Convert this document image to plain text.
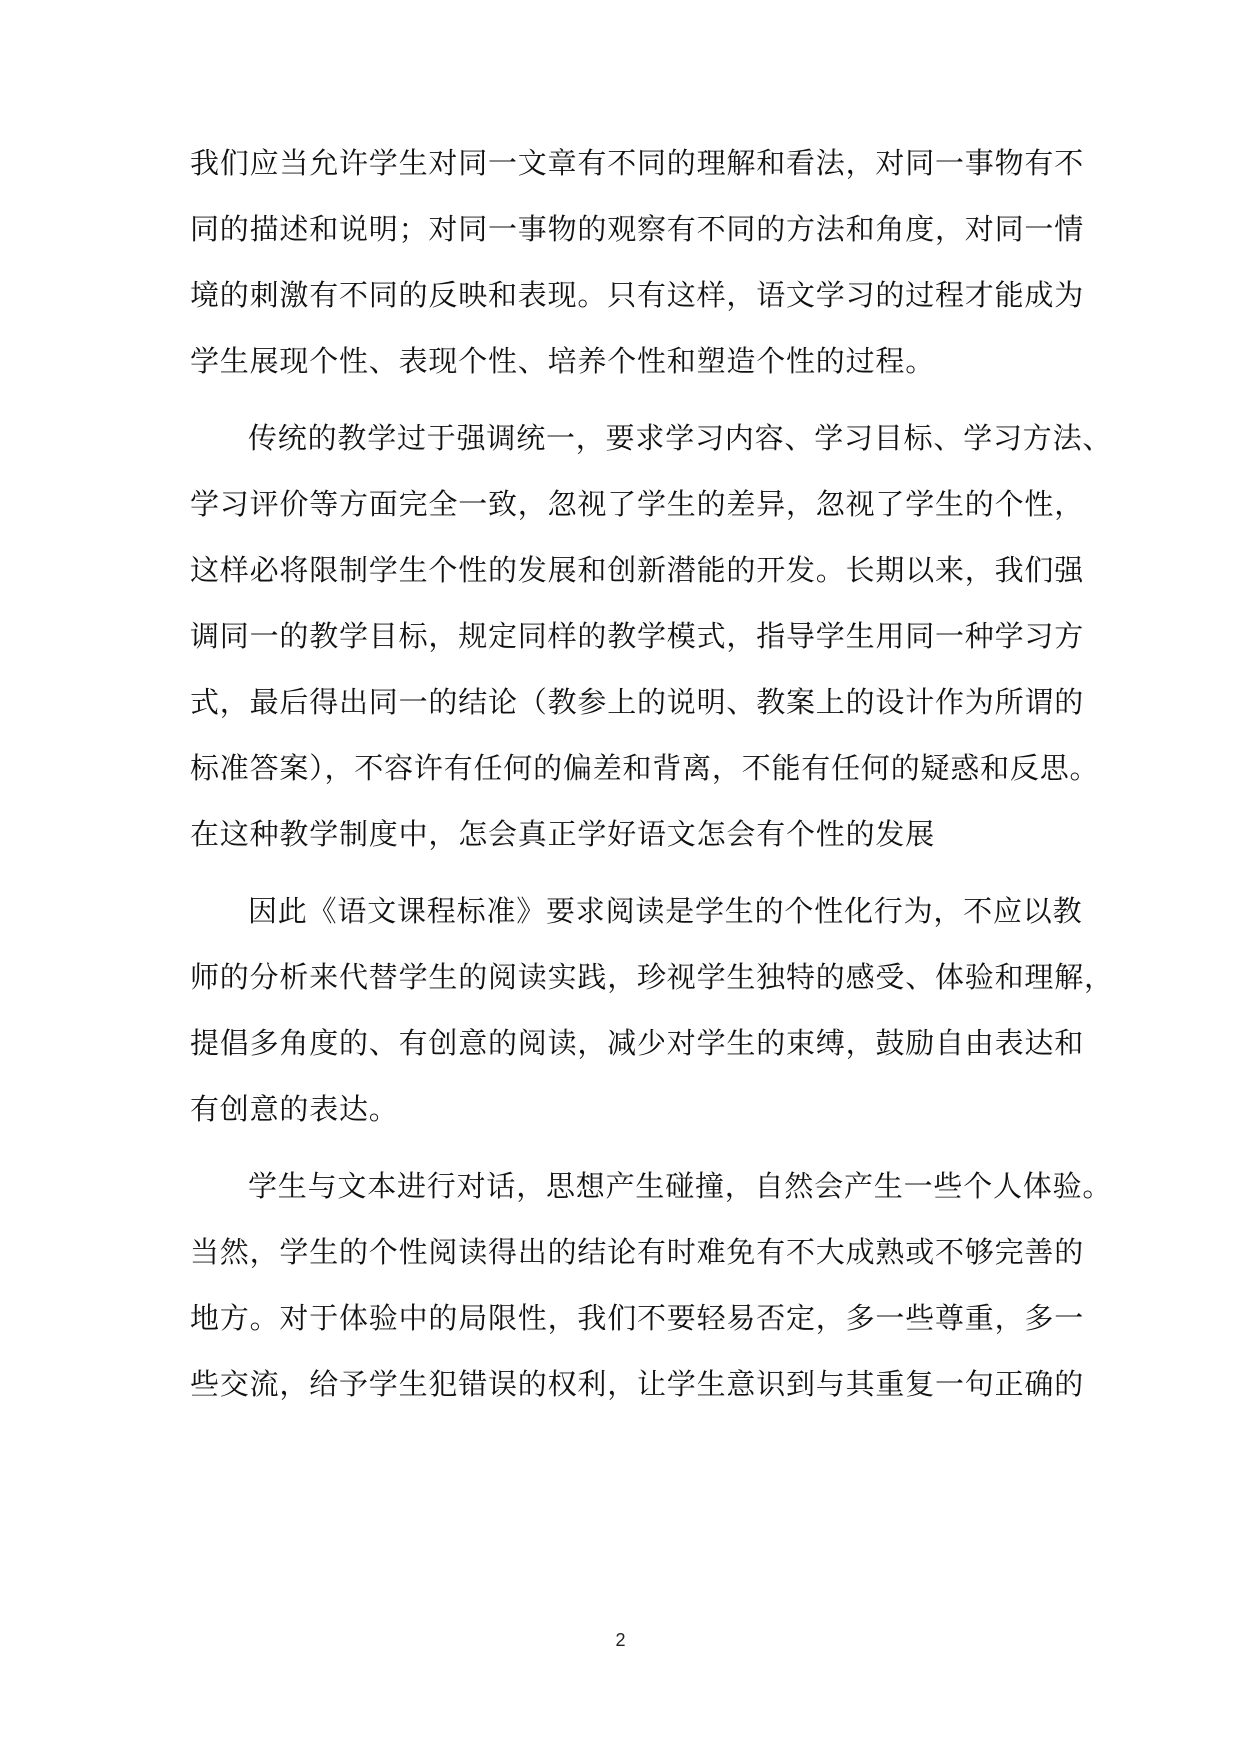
我们应当允许学生对同一文章有不同的理解和看法，对同一事物有不
同的描述和说明；对同一事物的观察有不同的方法和角度，对同一情
境的刺激有不同的反映和表现。只有这样，语文学习的过程才能成为
学生展现个性、表现个性、培养个性和塑造个性的过程。
传统的教学过于强调统一，要求学习内容、学习目标、学习方法、
学习评价等方面完全一致，忽视了学生的差异，忽视了学生的个性，
这样必将限制学生个性的发展和创新潜能的开发。长期以来，我们强
调同一的教学目标，规定同样的教学模式，指导学生用同一种学习方
式，最后得出同一的结论（教参上的说明、教案上的设计作为所谓的
标准答案），不容许有任何的偏差和背离，不能有任何的疑惑和反思。
在这种教学制度中，怎会真正学好语文怎会有个性的发展
因此《语文课程标准》要求阅读是学生的个性化行为，不应以教
师的分析来代替学生的阅读实践，珍视学生独特的感受、体验和理解，
提倡多角度的、有创意的阅读，减少对学生的束缚，鼓励自由表达和
有创意的表达。
学生与文本进行对话，思想产生碰撞，自然会产生一些个人体验。
当然，学生的个性阅读得出的结论有时难免有不大成熟或不够完善的
地方。对于体验中的局限性，我们不要轻易否定，多一些尊重，多一
些交流，给予学生犯错误的权利，让学生意识到与其重复一句正确的
2
